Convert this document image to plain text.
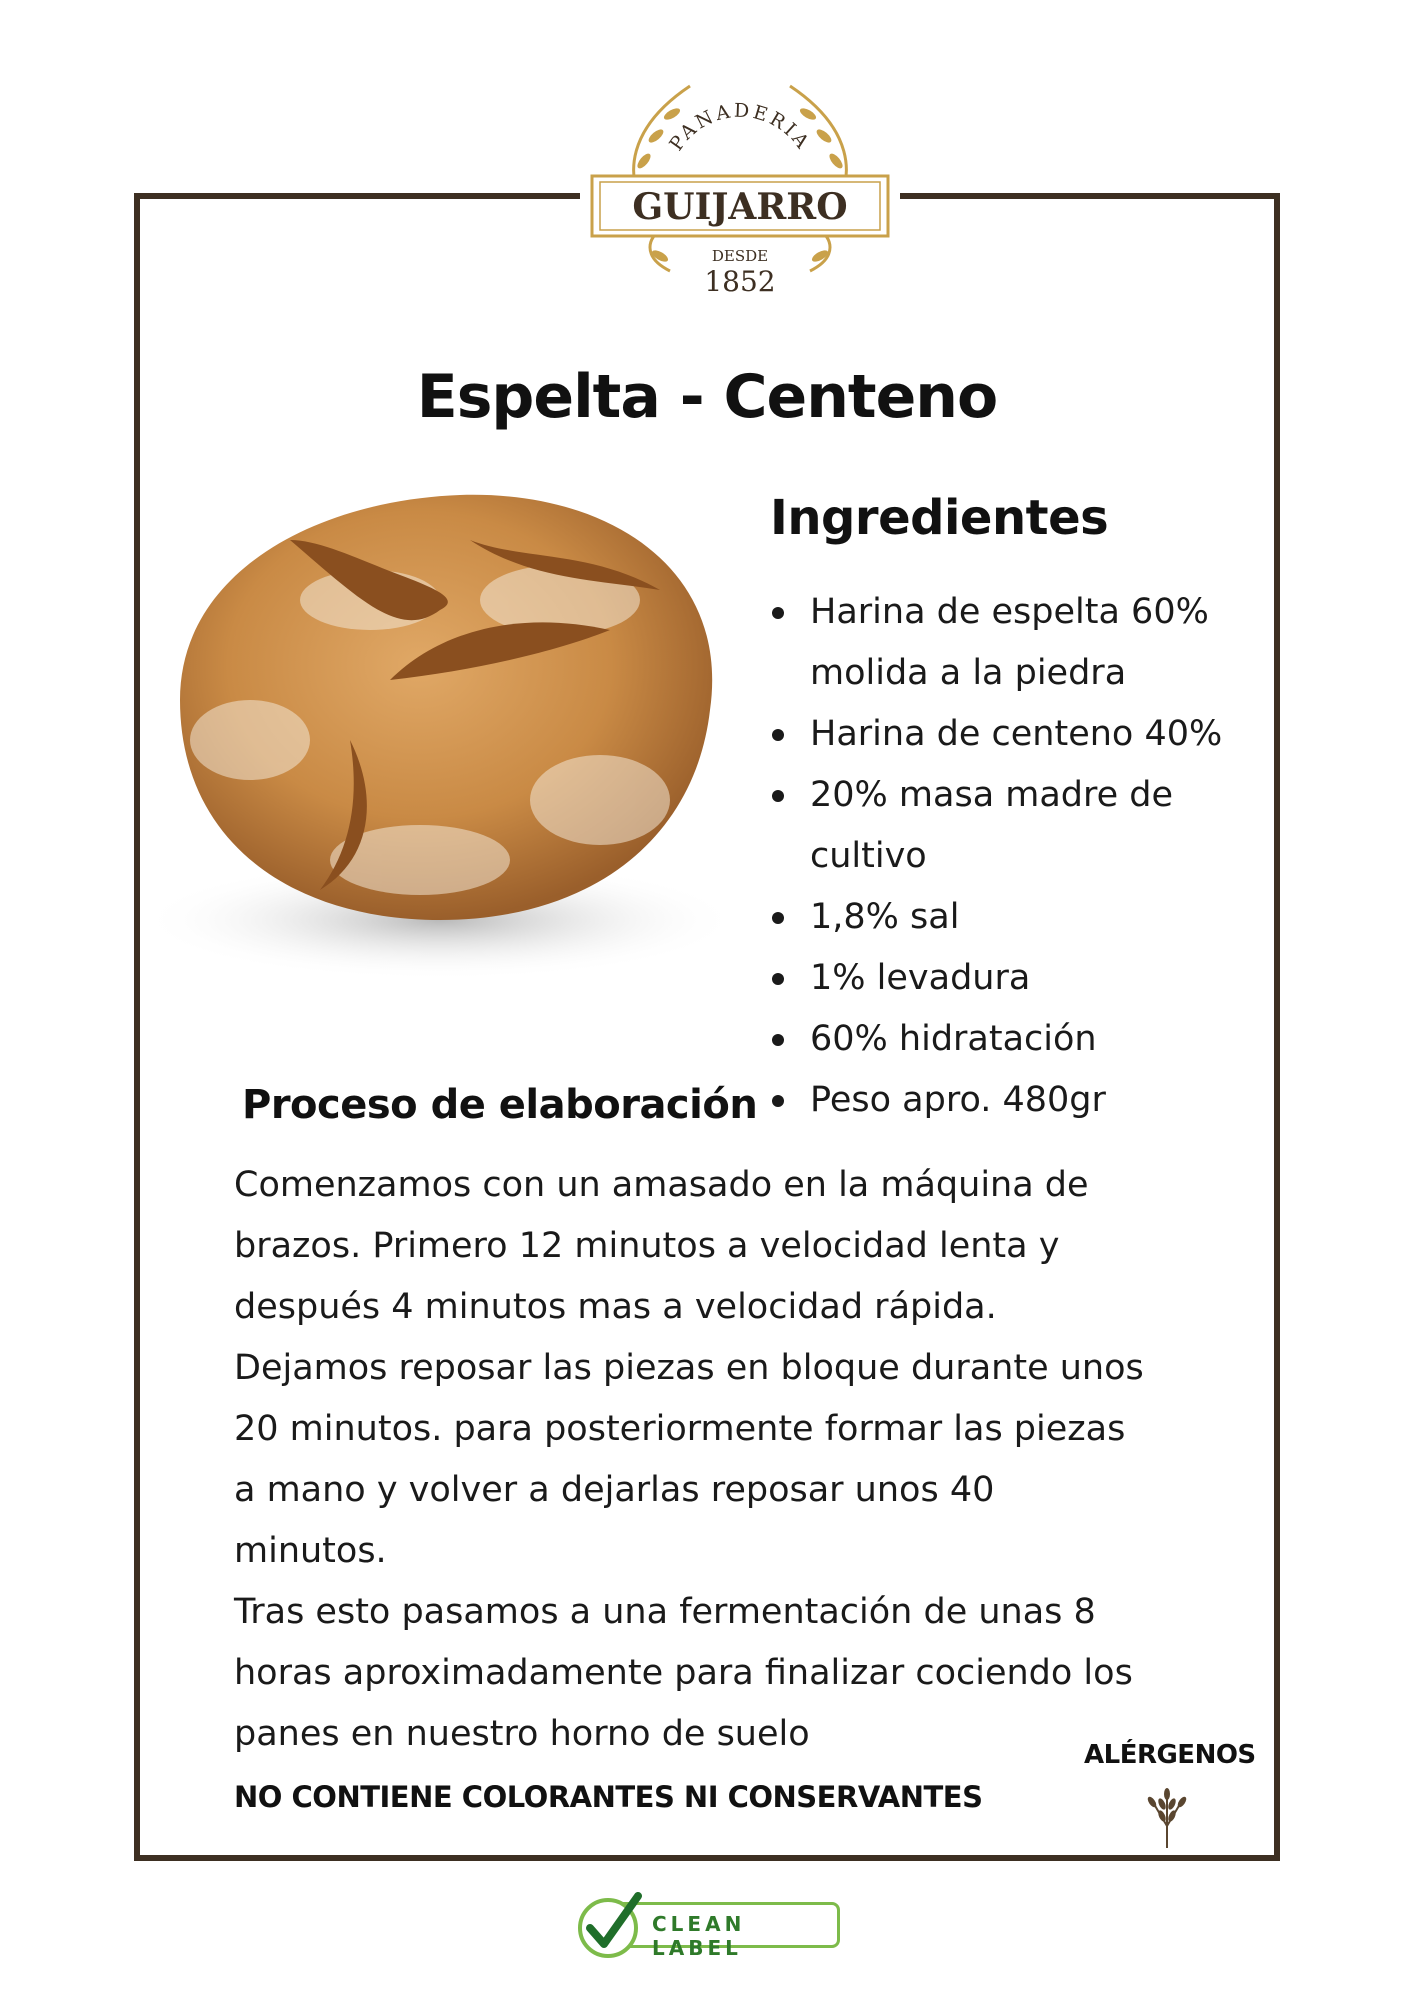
PANADERIA
GUIJARRO
DESDE
1852
Espelta - Centeno
Ingredientes
Harina de espelta 60%
molida a la piedra
Harina de centeno 40%
20% masa madre de
cultivo
1,8% sal
1% levadura
60% hidratación
Peso apro. 480gr
Proceso de elaboración

Comenzamos con un amasado en la máquina de

brazos. Primero 12 minutos a velocidad lenta y

después 4 minutos mas a velocidad rápida.

Dejamos reposar las piezas en bloque durante unos

20 minutos. para posteriormente formar las piezas

a mano y volver a dejarlas reposar unos 40

minutos.

Tras esto pasamos a una fermentación de unas 8

horas aproximadamente para finalizar cociendo los

panes en nuestro horno de suelo

NO CONTIENE COLORANTES NI CONSERVANTES
ALÉRGENOS
CLEAN LABEL
